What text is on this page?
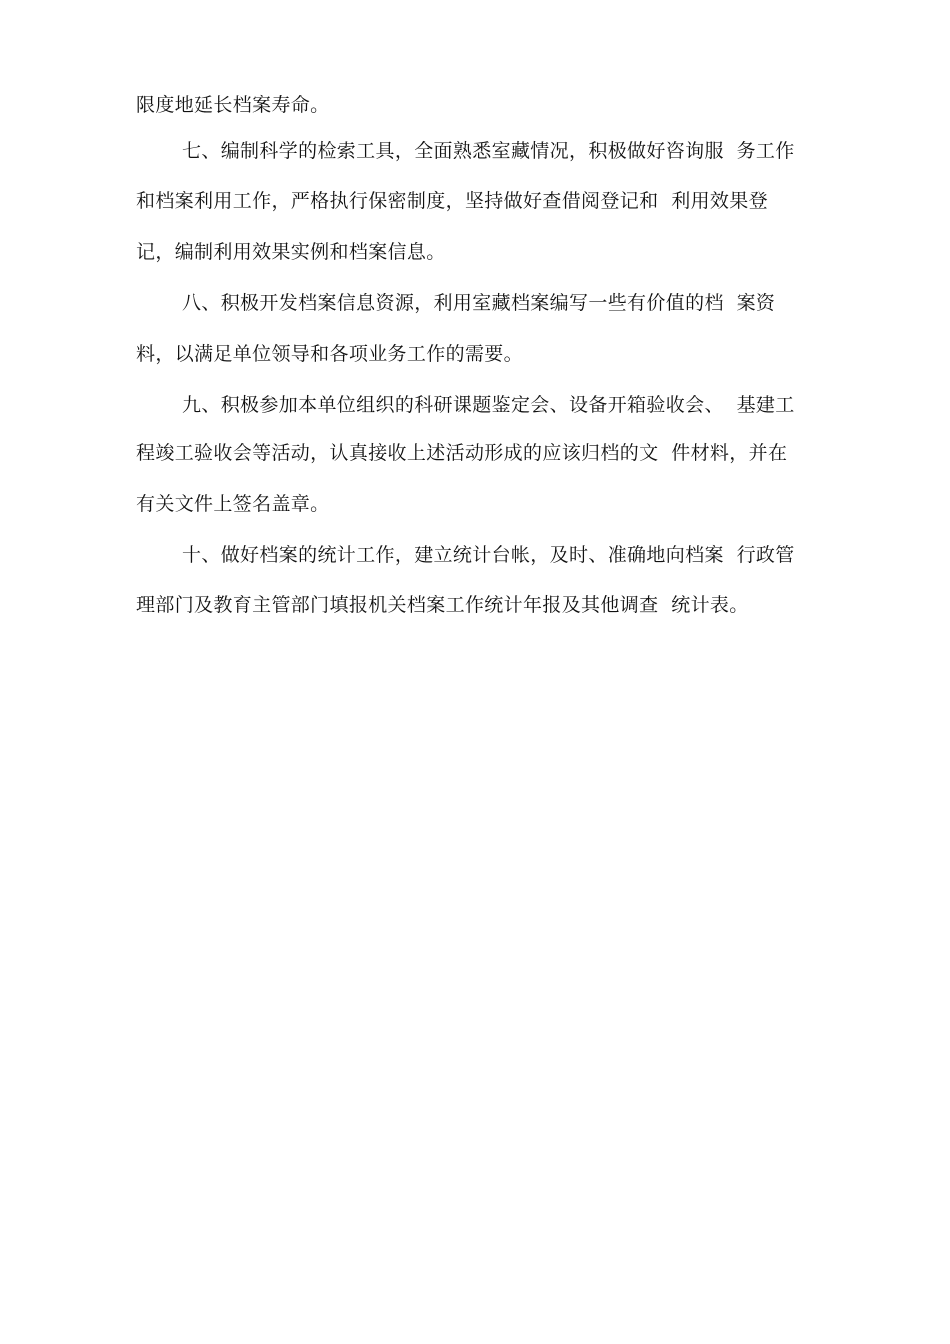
限度地延长档案寿命。

七、编制科学的检索工具，全面熟悉室藏情况，积极做好咨询服  务工作

和档案利用工作，严格执行保密制度，坚持做好查借阅登记和  利用效果登

记，编制利用效果实例和档案信息。

八、积极开发档案信息资源，利用室藏档案编写一些有价值的档  案资

料，以满足单位领导和各项业务工作的需要。

九、积极参加本单位组织的科研课题鉴定会、设备开箱验收会、  基建工

程竣工验收会等活动，认真接收上述活动形成的应该归档的文  件材料，并在

有关文件上签名盖章。

十、做好档案的统计工作，建立统计台帐，及时、准确地向档案  行政管

理部门及教育主管部门填报机关档案工作统计年报及其他调查  统计表。
